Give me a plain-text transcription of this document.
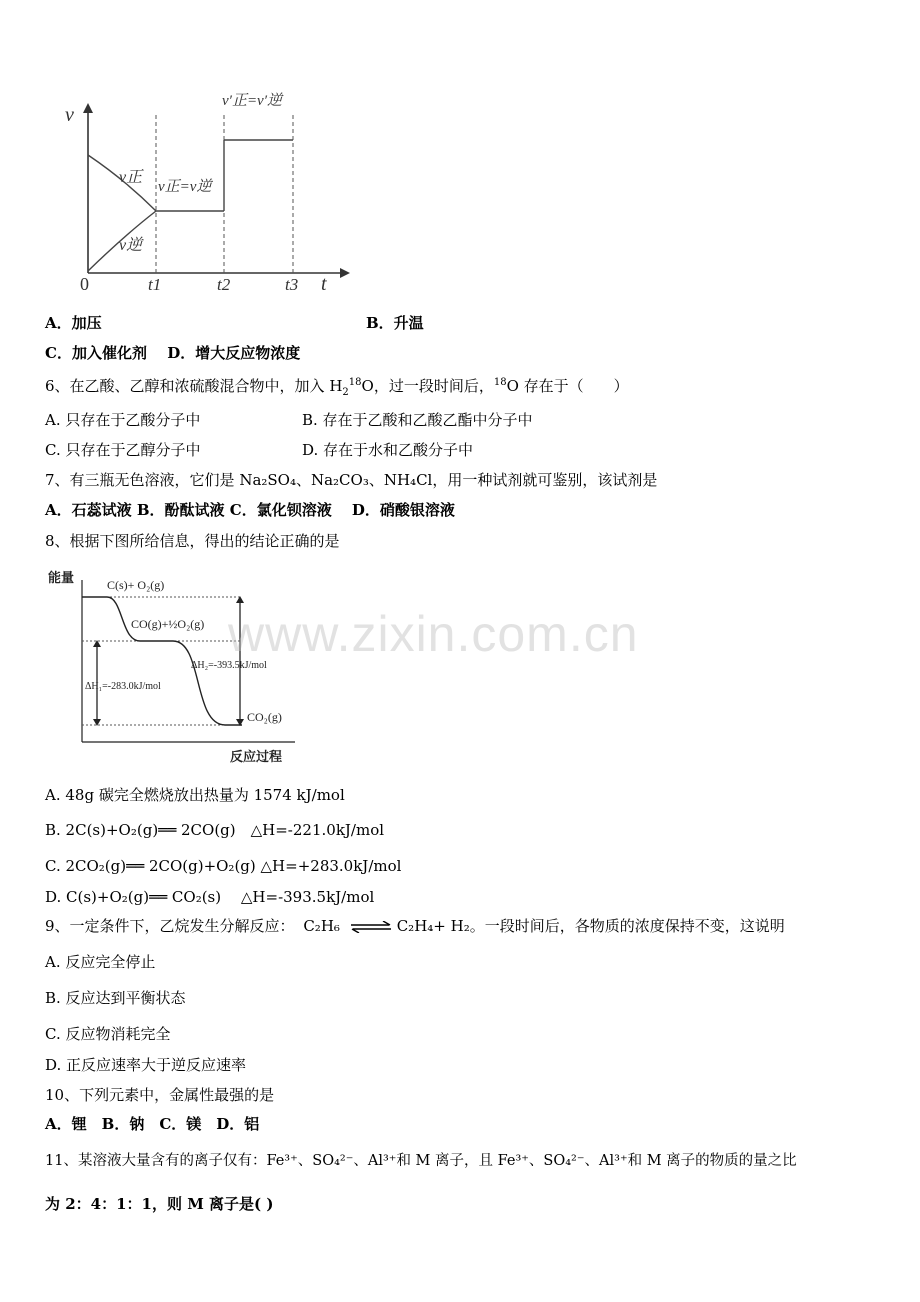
v
t
0	t1	t2	t3
v正
v逆
v正=v逆
v′正=v′逆
A．加压	B．升温
C．加入催化剂　 D．增大反应物浓度
6、在乙酸、乙醇和浓硫酸混合物中，加入 $H_2^{18}O$，过一段时间后，$^{18}$O 存在于（　　）
A. 只存在于乙酸分子中	B. 存在于乙酸和乙酸乙酯中分子中
C. 只存在于乙醇分子中	D. 存在于水和乙酸分子中
7、有三瓶无色溶液，它们是 Na₂SO₄、Na₂CO₃、NH₄Cl，用一种试剂就可鉴别，该试剂是
A．石蕊试液 B．酚酞试液 C．氯化钡溶液　 D．硝酸银溶液
8、根据下图所给信息，得出的结论正确的是
能量	C(s)+ O₂(g)
CO(g)+½O₂(g)
CO₂(g)
ΔH₁=-283.0kJ/mol
ΔH₂=-393.5kJ/mol
反应过程
www.zixin.com.cn
A. 48g 碳完全燃烧放出热量为 1574 kJ/mol
B. 2C(s)+O₂(g)══ 2CO(g)　△H=-221.0kJ/mol
C. 2CO₂(g)══ 2CO(g)+O₂(g) △H=+283.0kJ/mol
D. C(s)+O₂(g)══ CO₂(s)　 △H=-393.5kJ/mol
9、一定条件下，乙烷发生分解反应： C₂H₆ ⇌ C₂H₄+ H₂。一段时间后，各物质的浓度保持不变，这说明
A. 反应完全停止
B. 反应达到平衡状态
C. 反应物消耗完全
D. 正反应速率大于逆反应速率
10、下列元素中，金属性最强的是
A．锂　B．钠　C．镁　D．铝
11、某溶液大量含有的离子仅有：Fe³⁺、SO₄²⁻、Al³⁺和 M 离子，且 Fe³⁺、SO₄²⁻、Al³⁺和 M 离子的物质的量之比
为 2：4：1：1，则 M 离子是( )
